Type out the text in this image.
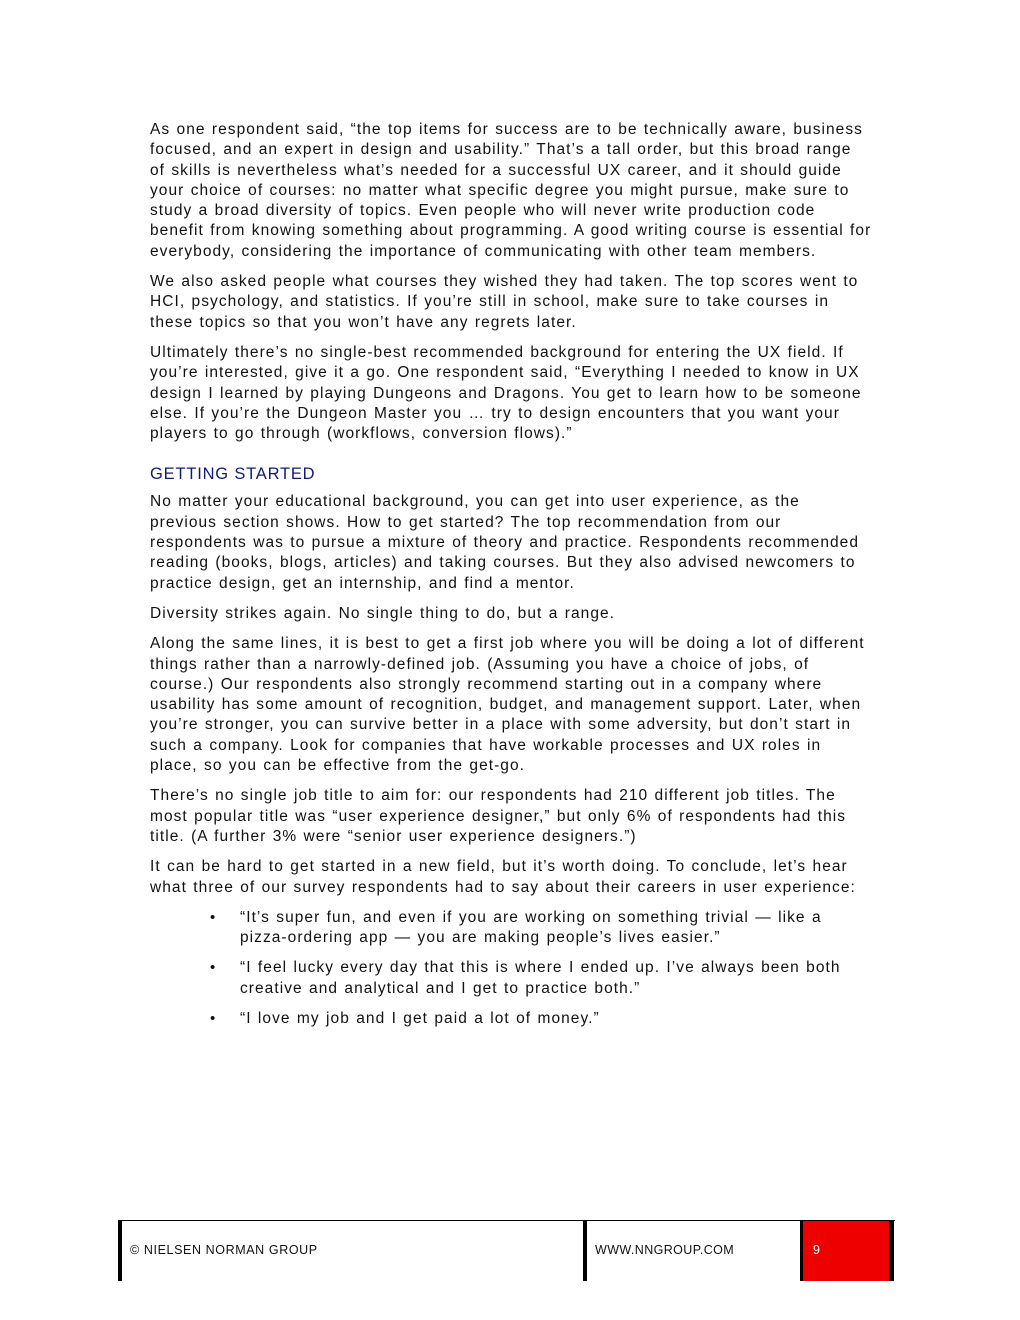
As one respondent said, “the top items for success are to be technically aware, business focused, and an expert in design and usability.” That’s a tall order, but this broad range of skills is nevertheless what’s needed for a successful UX career, and it should guide your choice of courses: no matter what specific degree you might pursue, make sure to study a broad diversity of topics. Even people who will never write production code benefit from knowing something about programming. A good writing course is essential for everybody, considering the importance of communicating with other team members.

We also asked people what courses they wished they had taken. The top scores went to HCI, psychology, and statistics. If you’re still in school, make sure to take courses in these topics so that you won’t have any regrets later.

Ultimately there’s no single-best recommended background for entering the UX field. If you’re interested, give it a go. One respondent said, “Everything I needed to know in UX design I learned by playing Dungeons and Dragons. You get to learn how to be someone else. If you’re the Dungeon Master you … try to design encounters that you want your players to go through (workflows, conversion flows).”

GETTING STARTED

No matter your educational background, you can get into user experience, as the previous section shows. How to get started? The top recommendation from our respondents was to pursue a mixture of theory and practice. Respondents recommended reading (books, blogs, articles) and taking courses. But they also advised newcomers to practice design, get an internship, and find a mentor.

Diversity strikes again. No single thing to do, but a range.

Along the same lines, it is best to get a first job where you will be doing a lot of different things rather than a narrowly-defined job. (Assuming you have a choice of jobs, of course.) Our respondents also strongly recommend starting out in a company where usability has some amount of recognition, budget, and management support. Later, when you’re stronger, you can survive better in a place with some adversity, but don’t start in such a company. Look for companies that have workable processes and UX roles in place, so you can be effective from the get-go.

There’s no single job title to aim for: our respondents had 210 different job titles. The most popular title was “user experience designer,” but only 6% of respondents had this title. (A further 3% were “senior user experience designers.”)

It can be hard to get started in a new field, but it’s worth doing. To conclude, let’s hear what three of our survey respondents had to say about their careers in user experience:

• “It’s super fun, and even if you are working on something trivial — like a pizza-ordering app — you are making people’s lives easier.”
• “I feel lucky every day that this is where I ended up. I’ve always been both creative and analytical and I get to practice both.”
• “I love my job and I get paid a lot of money.”
© NIELSEN NORMAN GROUP	WWW.NNGROUP.COM	9
